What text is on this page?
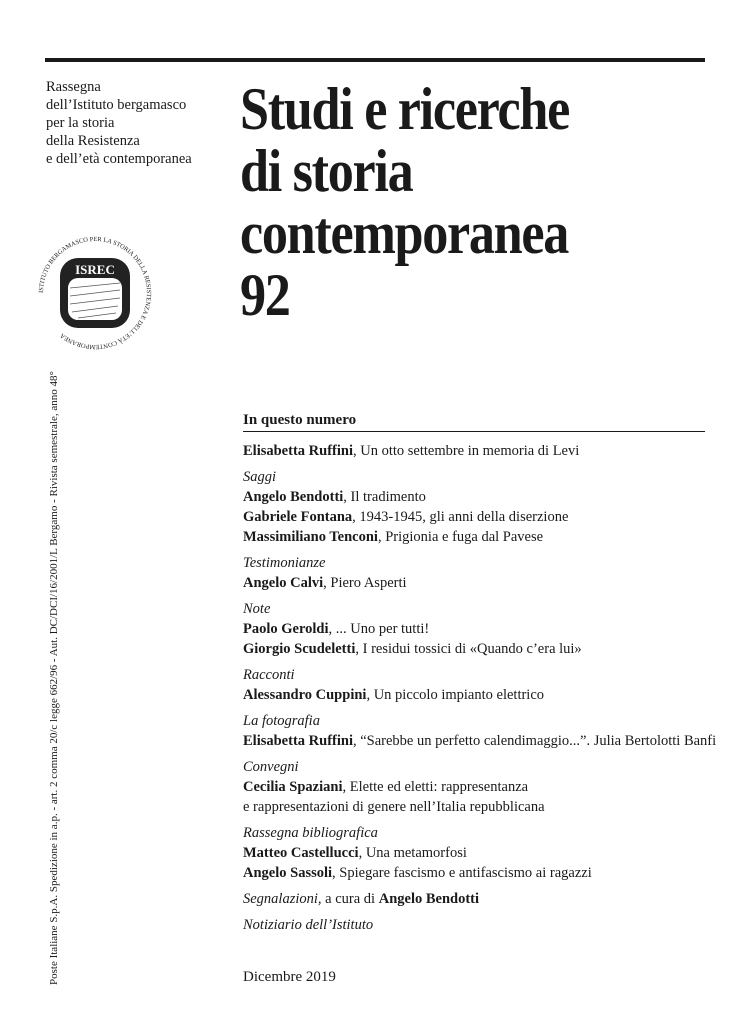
Rassegna
dell’Istituto bergamasco
per la storia
della Resistenza
e dell’età contemporanea
Studi e ricerche
di storia
contemporanea
92
ISREC
ISTITUTO BERGAMASCO PER LA STORIA DELLA RESISTENZA E DELL’ETÀ CONTEMPORANEA
Poste Italiane S.p.A. Spedizione in a.p. - art. 2 comma 20/c legge 662/96 - Aut. DC/DCI/16/2001/L Bergamo - Rivista semestrale, anno 48°	In questo numero
Elisabetta Ruffini, Un otto settembre in memoria di Levi
Saggi
Angelo Bendotti, Il tradimento
Gabriele Fontana, 1943-1945, gli anni della diserzione
Massimiliano Tenconi, Prigionia e fuga dal Pavese
Testimonianze
Angelo Calvi, Piero Asperti
Note
Paolo Geroldi, ... Uno per tutti!
Giorgio Scudeletti, I residui tossici di «Quando c’era lui»
Racconti
Alessandro Cuppini, Un piccolo impianto elettrico
La fotografia
Elisabetta Ruffini, “Sarebbe un perfetto calendimaggio...”. Julia Bertolotti Banfi
Convegni
Cecilia Spaziani, Elette ed eletti: rappresentanza
e rappresentazioni di genere nell’Italia repubblicana
Rassegna bibliografica
Matteo Castellucci, Una metamorfosi
Angelo Sassoli, Spiegare fascismo e antifascismo ai ragazzi
Segnalazioni, a cura di Angelo Bendotti
Notiziario dell’Istituto
Dicembre 2019
